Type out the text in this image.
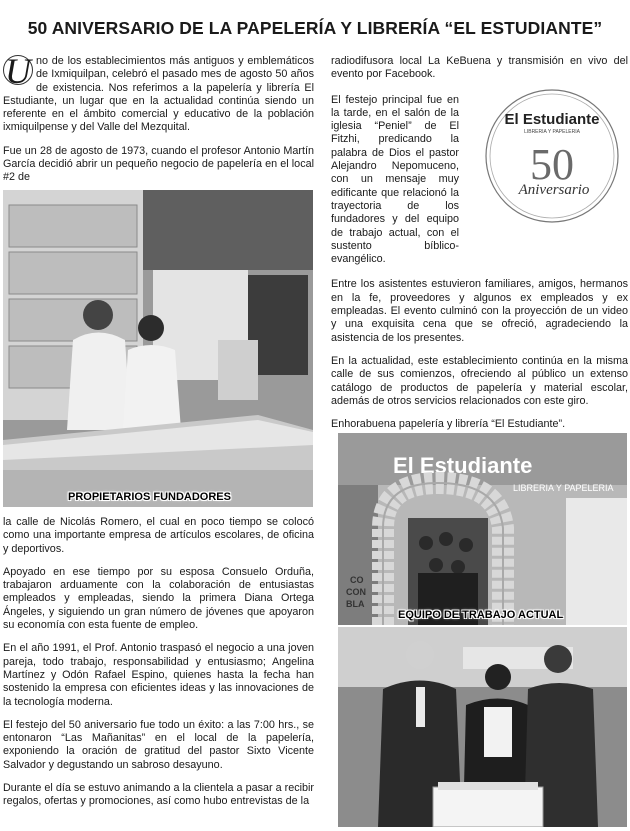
50 ANIVERSARIO DE LA PAPELERÍA Y LIBRERÍA “EL ESTUDIANTE”

U no de los establecimientos más antiguos y emblemáticos de Ixmiquilpan, celebró el pasado mes de agosto 50 años de existencia. Nos referimos a la papelería y librería El Estudiante, un lugar que en la actualidad continúa siendo un referente en el ámbito comercial y educativo de la población ixmiquilpense y del Valle del Mezquital.

Fue un 28 de agosto de 1973, cuando el profesor Antonio Martín García decidió abrir un pequeño negocio de papelería en el local #2 de

PROPIETARIOS FUNDADORES

la calle de Nicolás Romero, el cual en poco tiempo se colocó como una importante empresa de artículos escolares, de oficina y deportivos.

Apoyado en ese tiempo por su esposa Consuelo Orduña, trabajaron arduamente con la colaboración de entusiastas empleados y empleadas, siendo la primera Diana Ortega Ángeles, y siguiendo un gran número de jóvenes que apoyaron su economía con esta fuente de empleo.

En el año 1991, el Prof. Antonio traspasó el negocio a una joven pareja, todo trabajo, responsabilidad y entusiasmo; Angelina Martínez y Odón Rafael Espino, quienes hasta la fecha han sostenido la empresa con eficientes ideas y las innovaciones de la tecnología moderna.

El festejo del 50 aniversario fue todo un éxito: a las 7:00 hrs., se entonaron “Las Mañanitas” en el local de la papelería, exponiendo la oración de gratitud del pastor Sixto Vicente Salvador y degustando un sabroso desayuno.

Durante el día se estuvo animando a la clientela a pasar a recibir regalos, ofertas y promociones, así como hubo entrevistas de la

radiodifusora local La KeBuena y transmisión en vivo del evento por Facebook.

El festejo principal fue en la tarde, en el salón de la iglesia “Peniel” de El Fitzhi, predicando la palabra de Dios el pastor Alejandro Nepomuceno, con un mensaje muy edificante que relacionó la trayectoria de los fundadores y del equipo de trabajo actual, con el sustento bíblico-evangélico.

Entre los asistentes estuvieron familiares, amigos, hermanos en la fe, proveedores y algunos ex empleados y ex empleadas. El evento culminó con la proyección de un video y una exquisita cena que se ofreció, agradeciendo la asistencia de los presentes.

En la actualidad, este establecimiento continúa en la misma calle de sus comienzos, ofreciendo al público un extenso catálogo de productos de papelería y material escolar, además de otros servicios relacionados con este giro.

Enhorabuena papelería y librería “El Estudiante”.

El Estudiante
LIBRERIA Y PAPELERIA
50
Aniversario
El Estudiante
LIBRERIA Y PAPELERIA
CO
CON
BLA
EQUIPO DE TRABAJO ACTUAL
